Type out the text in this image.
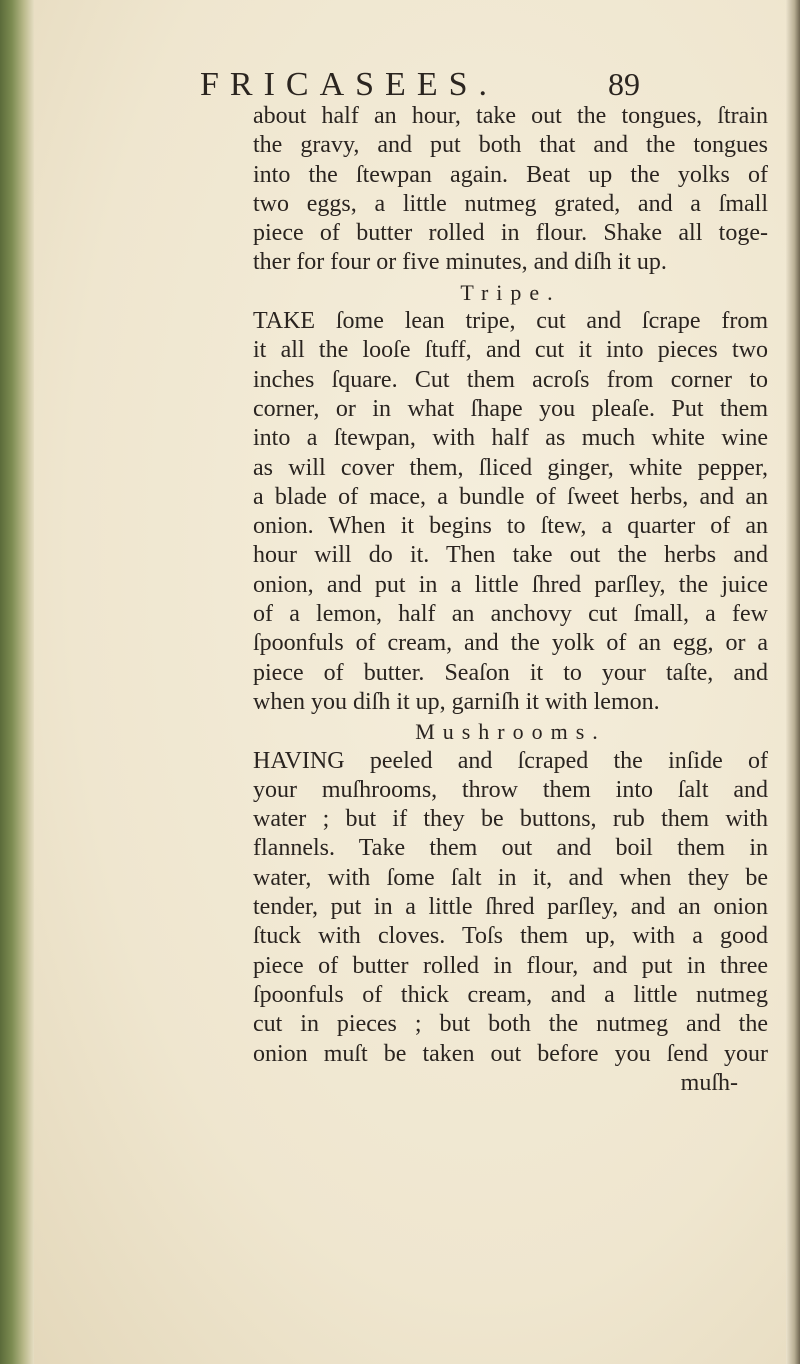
FRICASEES.	89
about half an hour, take out the tongues, ſtrain
the gravy, and put both that and the tongues
into the ſtewpan again. Beat up the yolks of
two eggs, a little nutmeg grated, and a ſmall
piece of butter rolled in flour. Shake all toge-
ther for four or five minutes, and diſh it up.
Tripe.
TAKE ſome lean tripe, cut and ſcrape from
it all the looſe ſtuff, and cut it into pieces two
inches ſquare. Cut them acroſs from corner to
corner, or in what ſhape you pleaſe. Put them
into a ſtewpan, with half as much white wine
as will cover them, ſliced ginger, white pepper,
a blade of mace, a bundle of ſweet herbs, and an
onion. When it begins to ſtew, a quarter of an
hour will do it. Then take out the herbs and
onion, and put in a little ſhred parſley, the juice
of a lemon, half an anchovy cut ſmall, a few
ſpoonfuls of cream, and the yolk of an egg, or a
piece of butter. Seaſon it to your taſte, and
when you diſh it up, garniſh it with lemon.
Mushrooms.
HAVING peeled and ſcraped the inſide of
your muſhrooms, throw them into ſalt and
water ; but if they be buttons, rub them with
flannels. Take them out and boil them in
water, with ſome ſalt in it, and when they be
tender, put in a little ſhred parſley, and an onion
ſtuck with cloves. Toſs them up, with a good
piece of butter rolled in flour, and put in three
ſpoonfuls of thick cream, and a little nutmeg
cut in pieces ; but both the nutmeg and the
onion muſt be taken out before you ſend your
muſh-
